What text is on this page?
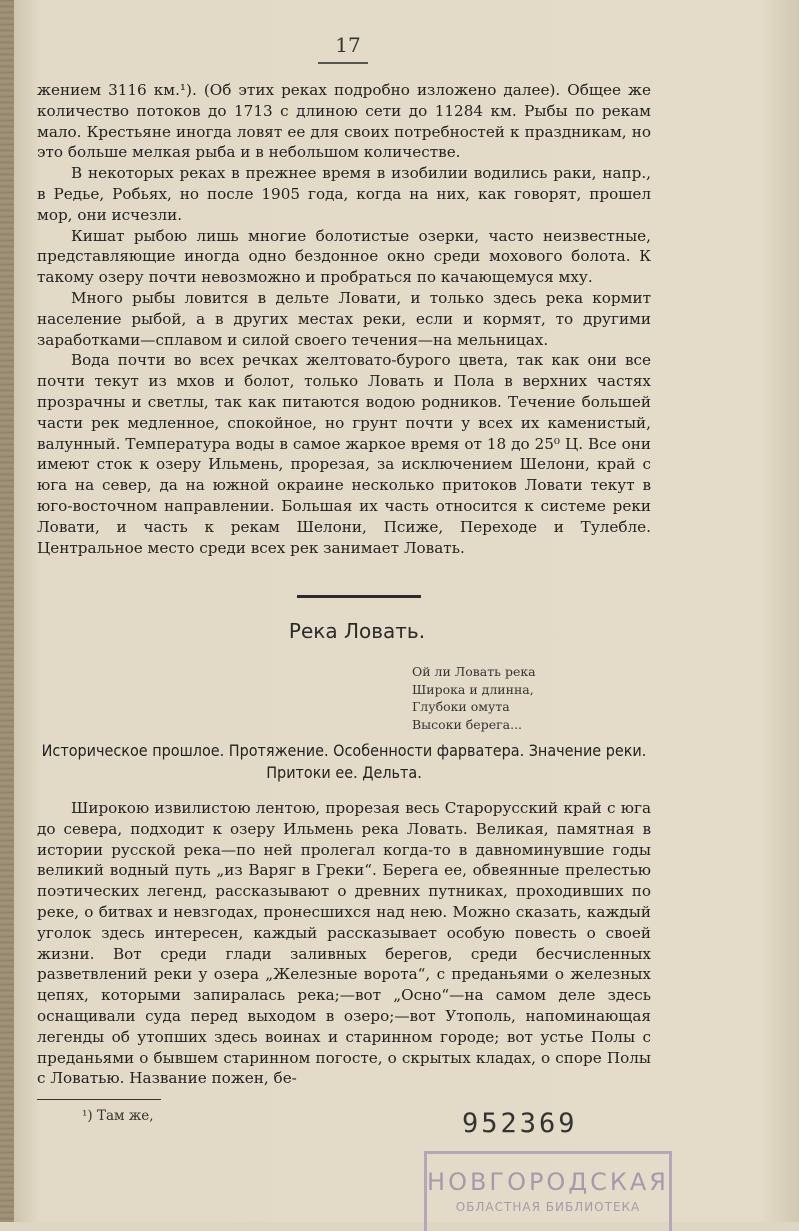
17

жением 3116 км.¹). (Об этих реках подробно изложено далее). Общее же количество потоков до 1713 с длиною сети до 11284 км. Рыбы по рекам мало. Крестьяне иногда ловят ее для своих потребностей к праздникам, но это больше мелкая рыба и в небольшом количестве.

В некоторых реках в прежнее время в изобилии водились раки, напр., в Редье, Робьях, но после 1905 года, когда на них, как говорят, прошел мор, они исчезли.

Кишат рыбою лишь многие болотистые озерки, часто неизвестные, представляющие иногда одно бездонное окно среди мохового болота. К такому озеру почти невозможно и пробраться по качающемуся мху.

Много рыбы ловится в дельте Ловати, и только здесь река кормит население рыбой, а в других местах реки, если и кормят, то другими заработками—сплавом и силой своего течения—на мельницах.

Вода почти во всех речках желтовато-бурого цвета, так как они все почти текут из мхов и болот, только Ловать и Пола в верхних частях прозрачны и светлы, так как питаются водою родников. Течение большей части рек медленное, спокойное, но грунт почти у всех их каменистый, валунный. Температура воды в самое жаркое время от 18 до 25⁰ Ц. Все они имеют сток к озеру Ильмень, прорезая, за исключением Шелони, край с юга на север, да на южной окраине несколько притоков Ловати текут в юго-восточном направлении. Большая их часть относится к системе реки Ловати, и часть к рекам Шелони, Псиже, Переходе и Тулебле. Центральное место среди всех рек занимает Ловать.

Река Ловать.
Ой ли Ловать река
Широка и длинна,
Глубоки омута
Высоки берега...
Историческое прошлое. Протяжение. Особенности фарватера. Значение реки. Притоки ее. Дельта.

Широкою извилистою лентою, прорезая весь Старорусский край с юга до севера, подходит к озеру Ильмень река Ловать. Великая, памятная в истории русской река—по ней пролегал когда-то в давноминувшие годы великий водный путь „из Варяг в Греки“. Берега ее, обвеянные прелестью поэтических легенд, рассказывают о древних путниках, проходивших по реке, о битвах и невзгодах, пронесшихся над нею. Можно сказать, каждый уголок здесь интересен, каждый рассказывает особую повесть о своей жизни. Вот среди глади заливных берегов, среди бесчисленных разветвлений реки у озера „Железные ворота“, с преданьями о железных цепях, которыми запиралась река;—вот „Осно“—на самом деле здесь оснащивали суда перед выходом в озеро;—вот Утополь, напоминающая легенды об утопших здесь воинах и старинном городе; вот устье Полы с преданьями о бывшем старинном погосте, о скрытых кладах, о споре Полы с Ловатью. Название пожен, бе-

¹) Там же,	952369
НОВГОРОДСКАЯ
ОБЛАСТНАЯ БИБЛИОТЕКА
